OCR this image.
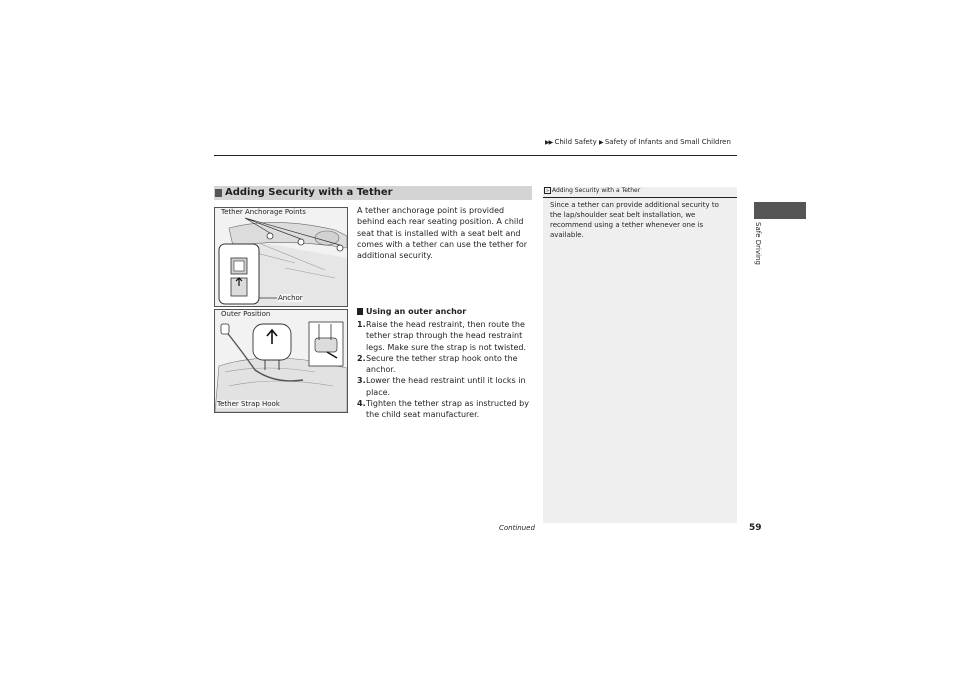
▶▶ Child Safety ▶ Safety of Infants and Small Children
Adding Security with a Tether
Tether Anchorage Points
Anchor
Outer Position
Tether Strap Hook
A tether anchorage point is provided behind each rear seating position. A child seat that is installed with a seat belt and comes with a tether can use the tether for additional security.
Using an outer anchor
1. Raise the head restraint, then route the tether strap through the head restraint legs. Make sure the strap is not twisted.
2. Secure the tether strap hook onto the anchor.
3. Lower the head restraint until it locks in place.
4. Tighten the tether strap as instructed by the child seat manufacturer.
> Adding Security with a Tether
Since a tether can provide additional security to the lap/shoulder seat belt installation, we recommend using a tether whenever one is available.
Continued	59
Safe Driving
